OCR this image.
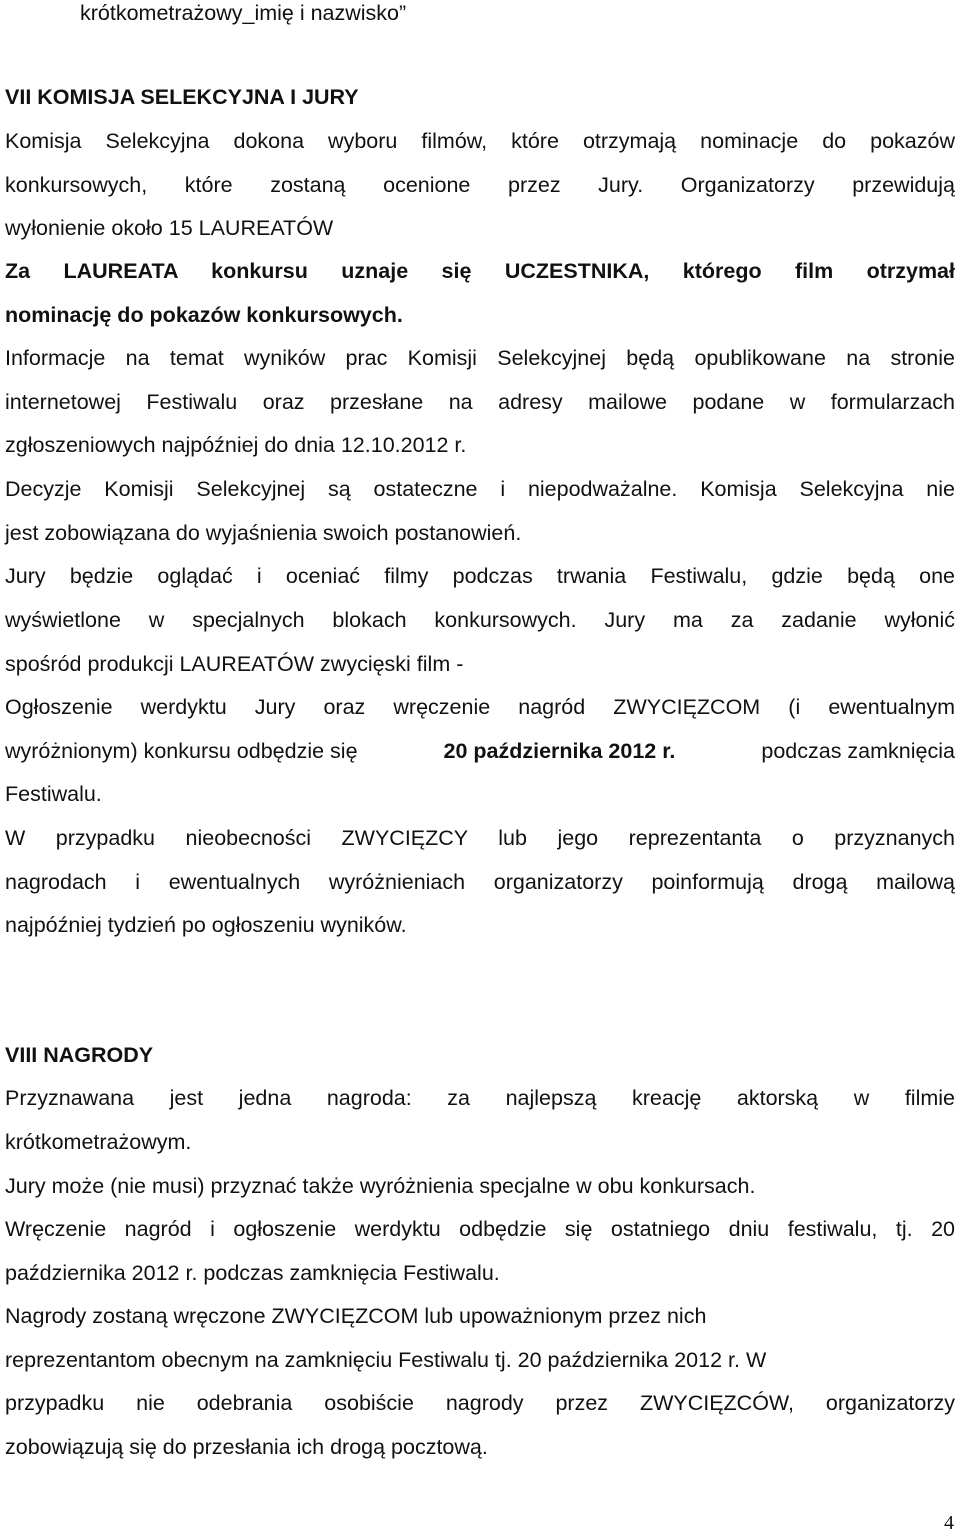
krótkometrażowy_imię i nazwisko”
VII KOMISJA SELEKCYJNA I JURY
Komisja Selekcyjna dokona wyboru filmów, które otrzymają nominacje do pokazów
konkursowych, które zostaną ocenione przez Jury. Organizatorzy przewidują
wyłonienie około 15 LAUREATÓW
Za LAUREATA konkursu uznaje się UCZESTNIKA, którego film otrzymał
nominację do pokazów konkursowych.
Informacje na temat wyników prac Komisji Selekcyjnej będą opublikowane na stronie
internetowej Festiwalu oraz przesłane na adresy mailowe podane w formularzach
zgłoszeniowych najpóźniej do dnia 12.10.2012 r.
Decyzje Komisji Selekcyjnej są ostateczne i niepodważalne. Komisja Selekcyjna nie
jest zobowiązana do wyjaśnienia swoich postanowień.
Jury będzie oglądać i oceniać filmy podczas trwania Festiwalu, gdzie będą one
wyświetlone w specjalnych blokach konkursowych. Jury ma za zadanie wyłonić
spośród produkcji LAUREATÓW zwycięski film -
Ogłoszenie werdyktu Jury oraz wręczenie nagród ZWYCIĘZCOM (i ewentualnym
wyróżnionym) konkursu odbędzie się	20 października 2012 r.	podczas zamknięcia
Festiwalu.
W przypadku nieobecności ZWYCIĘZCY lub jego reprezentanta o przyznanych
nagrodach i ewentualnych wyróżnieniach organizatorzy poinformują drogą mailową
najpóźniej tydzień po ogłoszeniu wyników.
VIII NAGRODY
Przyznawana jest jedna nagroda: za najlepszą kreację aktorską w filmie
krótkometrażowym.
Jury może (nie musi) przyznać także wyróżnienia specjalne w obu konkursach.
Wręczenie nagród i ogłoszenie werdyktu odbędzie się ostatniego dniu festiwalu, tj. 20
października 2012 r. podczas zamknięcia Festiwalu.
Nagrody zostaną wręczone ZWYCIĘZCOM lub upoważnionym przez nich
reprezentantom obecnym na zamknięciu Festiwalu tj. 20 października 2012 r. W
przypadku nie odebrania osobiście nagrody przez ZWYCIĘZCÓW, organizatorzy
zobowiązują się do przesłania ich drogą pocztową.
4
